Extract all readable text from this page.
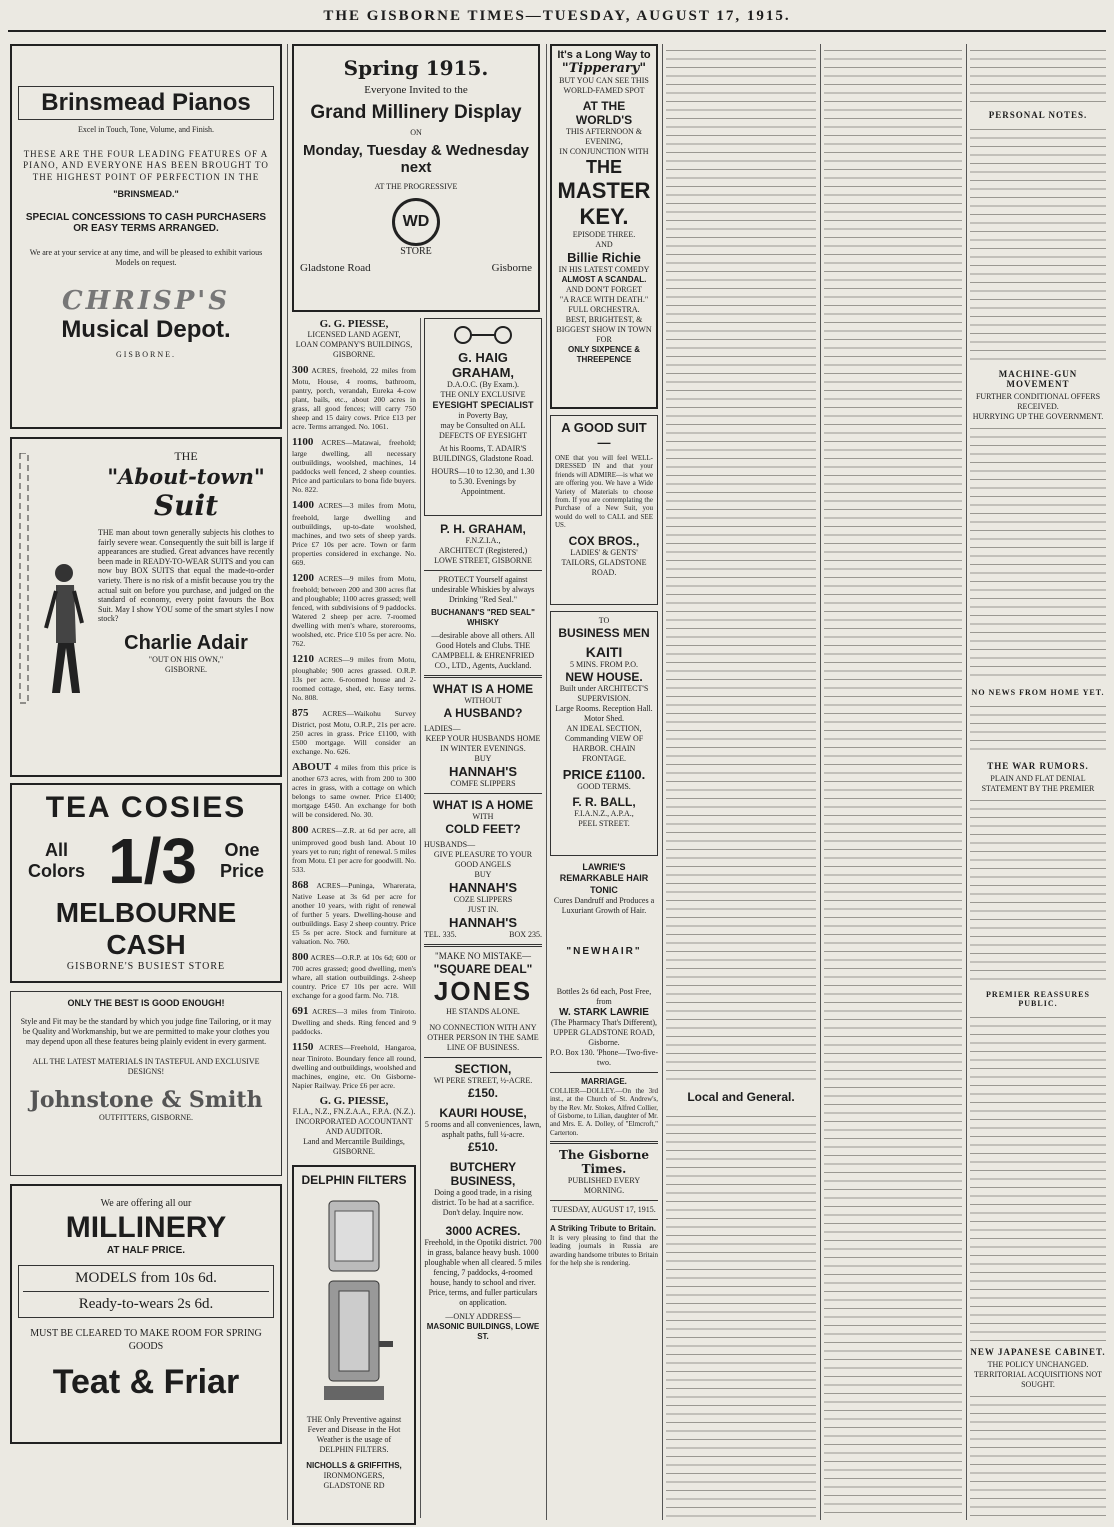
THE GISBORNE TIMES—TUESDAY, AUGUST 17, 1915.
Brinsmead Pianos
Excel in Touch, Tone, Volume, and Finish.
THESE ARE THE FOUR LEADING FEATURES OF A PIANO, AND EVERYONE HAS BEEN BROUGHT TO THE HIGHEST POINT OF PERFECTION IN THE
"BRINSMEAD."
SPECIAL CONCESSIONS TO CASH PURCHASERS OR EASY TERMS ARRANGED.
We are at your service at any time, and will be pleased to exhibit various Models on request.
CHRISP'S
Musical Depot.
GISBORNE.
THE
"About-town"
Suit
THE man about town generally subjects his clothes to fairly severe wear. Consequently the suit bill is large if appearances are studied. Great advances have recently been made in READY-TO-WEAR SUITS and you can now buy BOX SUITS that equal the made-to-order variety. There is no risk of a misfit because you try the actual suit on before you purchase, and judged on the standard of economy, every point favours the Box Suit. May I show YOU some of the smart styles I now stock?
Charlie Adair
"OUT ON HIS OWN,"
GISBORNE.
TEA COSIES
All
Colors 1/3 One
Price
MELBOURNE CASH
GISBORNE'S BUSIEST STORE
ONLY THE BEST IS GOOD ENOUGH!
Style and Fit may be the standard by which you judge fine Tailoring, or it may be Quality and Workmanship, but we are permitted to make your clothes you may depend upon all these features being plainly evident in every garment.
ALL THE LATEST MATERIALS IN TASTEFUL AND EXCLUSIVE DESIGNS!
Johnstone & Smith
OUTFITTERS, GISBORNE.
We are offering all our
MILLINERY
AT HALF PRICE.
MODELS from 10s 6d.
Ready-to-wears 2s 6d.
MUST BE CLEARED TO MAKE ROOM FOR SPRING GOODS
Teat & Friar
Spring 1915.
Everyone Invited to the
Grand Millinery Display
ON
Monday, Tuesday & Wednesday next
AT THE PROGRESSIVE
WD
STORE
Gladstone Road	Gisborne
G. G. PIESSE,
LICENSED LAND AGENT,
LOAN COMPANY'S BUILDINGS, GISBORNE.
300 ACRES, freehold, 22 miles from Motu, House, 4 rooms, bathroom, pantry, porch, verandah, Eureka 4-cow plant, bails, etc., about 200 acres in grass, all good fences; will carry 750 sheep and 15 dairy cows. Price £13 per acre. Terms arranged. No. 1061.
1100 ACRES—Matawai, freehold; large dwelling, all necessary outbuildings, woolshed, machines, 14 paddocks well fenced, 2 sheep counties. Price and particulars to bona fide buyers. No. 822.
1400 ACRES—3 miles from Motu, freehold, large dwelling and outbuildings, up-to-date woolshed, machines, and two sets of sheep yards. Price £7 10s per acre. Town or farm properties considered in exchange. No. 669.
1200 ACRES—9 miles from Motu, freehold; between 200 and 300 acres flat and ploughable; 1100 acres grassed; well fenced, with subdivisions of 9 paddocks. Watered 2 sheep per acre. 7-roomed dwelling with men's whare, storerooms, woolshed, etc. Price £10 5s per acre. No. 762.
1210 ACRES—9 miles from Motu, ploughable; 900 acres grassed. O.R.P. 13s per acre. 6-roomed house and 2-roomed cottage, shed, etc. Easy terms. No. 808.
875 ACRES—Waikohu Survey District, post Motu, O.R.P., 21s per acre. 250 acres in grass. Price £1100, with £500 mortgage. Will consider an exchange. No. 626.
ABOUT 4 miles from this price is another 673 acres, with from 200 to 300 acres in grass, with a cottage on which belongs to same owner. Price £1400; mortgage £450. An exchange for both will be considered. No. 30.
800 ACRES—Z.R. at 6d per acre, all unimproved good bush land. About 10 years yet to run; right of renewal. 5 miles from Motu. £1 per acre for goodwill. No. 533.
868 ACRES—Puninga, Wharerata, Native Lease at 3s 6d per acre for another 10 years, with right of renewal of further 5 years. Dwelling-house and outbuildings. Easy 2 sheep country. Price £5 5s per acre. Stock and furniture at valuation. No. 760.
800 ACRES—O.R.P. at 10s 6d; 600 or 700 acres grassed; good dwelling, men's whare, all station outbuildings. 2-sheep country. Price £7 10s per acre. Will exchange for a good farm. No. 718.
691 ACRES—3 miles from Tiniroto. Dwelling and sheds. Ring fenced and 9 paddocks.
1150 ACRES—Freehold, Hangaroa, near Tiniroto. Boundary fence all round, dwelling and outbuildings, woolshed and machines, engine, etc. On Gisborne-Napier Railway. Price £6 per acre.
G. G. PIESSE,
F.I.A., N.Z., FN.Z.A.A., F.P.A. (N.Z.).
INCORPORATED ACCOUNTANT AND AUDITOR.
Land and Mercantile Buildings, GISBORNE.
DELPHIN FILTERS
THE Only Preventive against Fever and Disease in the Hot Weather is the usage of DELPHIN FILTERS.
NICHOLLS & GRIFFITHS,
IRONMONGERS, GLADSTONE RD
G. HAIG GRAHAM,
D.A.O.C. (By Exam.).
THE ONLY EXCLUSIVE
EYESIGHT SPECIALIST
in Poverty Bay,
may be Consulted on ALL DEFECTS OF EYESIGHT
At his Rooms, T. ADAIR'S BUILDINGS, Gladstone Road.
HOURS—10 to 12.30, and 1.30 to 5.30. Evenings by Appointment.
P. H. GRAHAM,
F.N.Z.I.A.,
ARCHITECT (Registered,)
LOWE STREET, GISBORNE
PROTECT Yourself against undesirable Whiskies by always Drinking "Red Seal."
BUCHANAN'S "RED SEAL" WHISKY
—desirable above all others. All Good Hotels and Clubs. THE CAMPBELL & EHRENFRIED CO., LTD., Agents, Auckland.
WHAT IS A HOME
WITHOUT
A HUSBAND?
LADIES—
KEEP YOUR HUSBANDS HOME IN WINTER EVENINGS.
BUY
HANNAH'S
COMFE SLIPPERS
WHAT IS A HOME
WITH
COLD FEET?
HUSBANDS—
GIVE PLEASURE TO YOUR GOOD ANGELS
BUY
HANNAH'S
COZE SLIPPERS
JUST IN.
HANNAH'S
TEL. 335.	BOX 235.
"MAKE NO MISTAKE—
"SQUARE DEAL"
JONES
HE STANDS ALONE.
NO CONNECTION WITH ANY OTHER PERSON IN THE SAME LINE OF BUSINESS.
SECTION,
WI PERE STREET, ½-ACRE.
£150.
KAURI HOUSE,
5 rooms and all conveniences, lawn, asphalt paths, full ¼-acre.
£510.
BUTCHERY BUSINESS,
Doing a good trade, in a rising district. To be had at a sacrifice. Don't delay. Inquire now.
3000 ACRES.
Freehold, in the Opotiki district. 700 in grass, balance heavy bush. 1000 ploughable when all cleared. 5 miles fencing, 7 paddocks, 4-roomed house, handy to school and river. Price, terms, and fuller particulars on application.
—ONLY ADDRESS—
MASONIC BUILDINGS, LOWE ST.
It's a Long Way to
"Tipperary"
BUT YOU CAN SEE THIS WORLD-FAMED SPOT
AT THE WORLD'S
THIS AFTERNOON & EVENING,
IN CONJUNCTION WITH
THE
MASTER
KEY.
EPISODE THREE.
AND
Billie Richie
IN HIS LATEST COMEDY
ALMOST A SCANDAL.
AND DON'T FORGET
"A RACE WITH DEATH."
FULL ORCHESTRA.
BEST, BRIGHTEST, & BIGGEST SHOW IN TOWN FOR
ONLY SIXPENCE & THREEPENCE
A GOOD SUIT—
ONE that you will feel WELL-DRESSED IN and that your friends will ADMIRE—is what we are offering you. We have a Wide Variety of Materials to choose from. If you are contemplating the Purchase of a New Suit, you would do well to CALL and SEE US.
COX BROS.,
LADIES' & GENTS' TAILORS, GLADSTONE ROAD.
TO
BUSINESS MEN
KAITI
5 MINS. FROM P.O.
NEW HOUSE.
Built under ARCHITECT'S SUPERVISION.
Large Rooms. Reception Hall. Motor Shed.
AN IDEAL SECTION,
Commanding VIEW OF HARBOR. CHAIN FRONTAGE.
PRICE £1100.
GOOD TERMS.
F. R. BALL,
F.I.A.N.Z., A.P.A.,
PEEL STREET.
LAWRIE'S REMARKABLE HAIR TONIC
Cures Dandruff and Produces a Luxuriant Growth of Hair.
"NEWHAIR"
Bottles 2s 6d each, Post Free, from
W. STARK LAWRIE
(The Pharmacy That's Different), UPPER GLADSTONE ROAD, Gisborne.
P.O. Box 130. 'Phone—Two-five-two.
MARRIAGE.
COLLIER—DOLLEY.—On the 3rd inst., at the Church of St. Andrew's, by the Rev. Mr. Stokes, Alfred Collier, of Gisborne, to Lilian, daughter of Mr. and Mrs. E. A. Dolley, of "Elmcroft," Carterton.
The Gisborne Times.
PUBLISHED EVERY MORNING.
TUESDAY, AUGUST 17, 1915.
A Striking Tribute to Britain.
It is very pleasing to find that the leading journals in Russia are awarding handsome tributes to Britain for the help she is rendering.
Local and General.
PERSONAL NOTES.
MACHINE-GUN MOVEMENT
FURTHER CONDITIONAL OFFERS RECEIVED.
HURRYING UP THE GOVERNMENT.
NO NEWS FROM HOME YET.
THE WAR RUMORS.
PLAIN AND FLAT DENIAL
STATEMENT BY THE PREMIER
PREMIER REASSURES PUBLIC.
NEW JAPANESE CABINET.
THE POLICY UNCHANGED.
TERRITORIAL ACQUISITIONS NOT SOUGHT.
